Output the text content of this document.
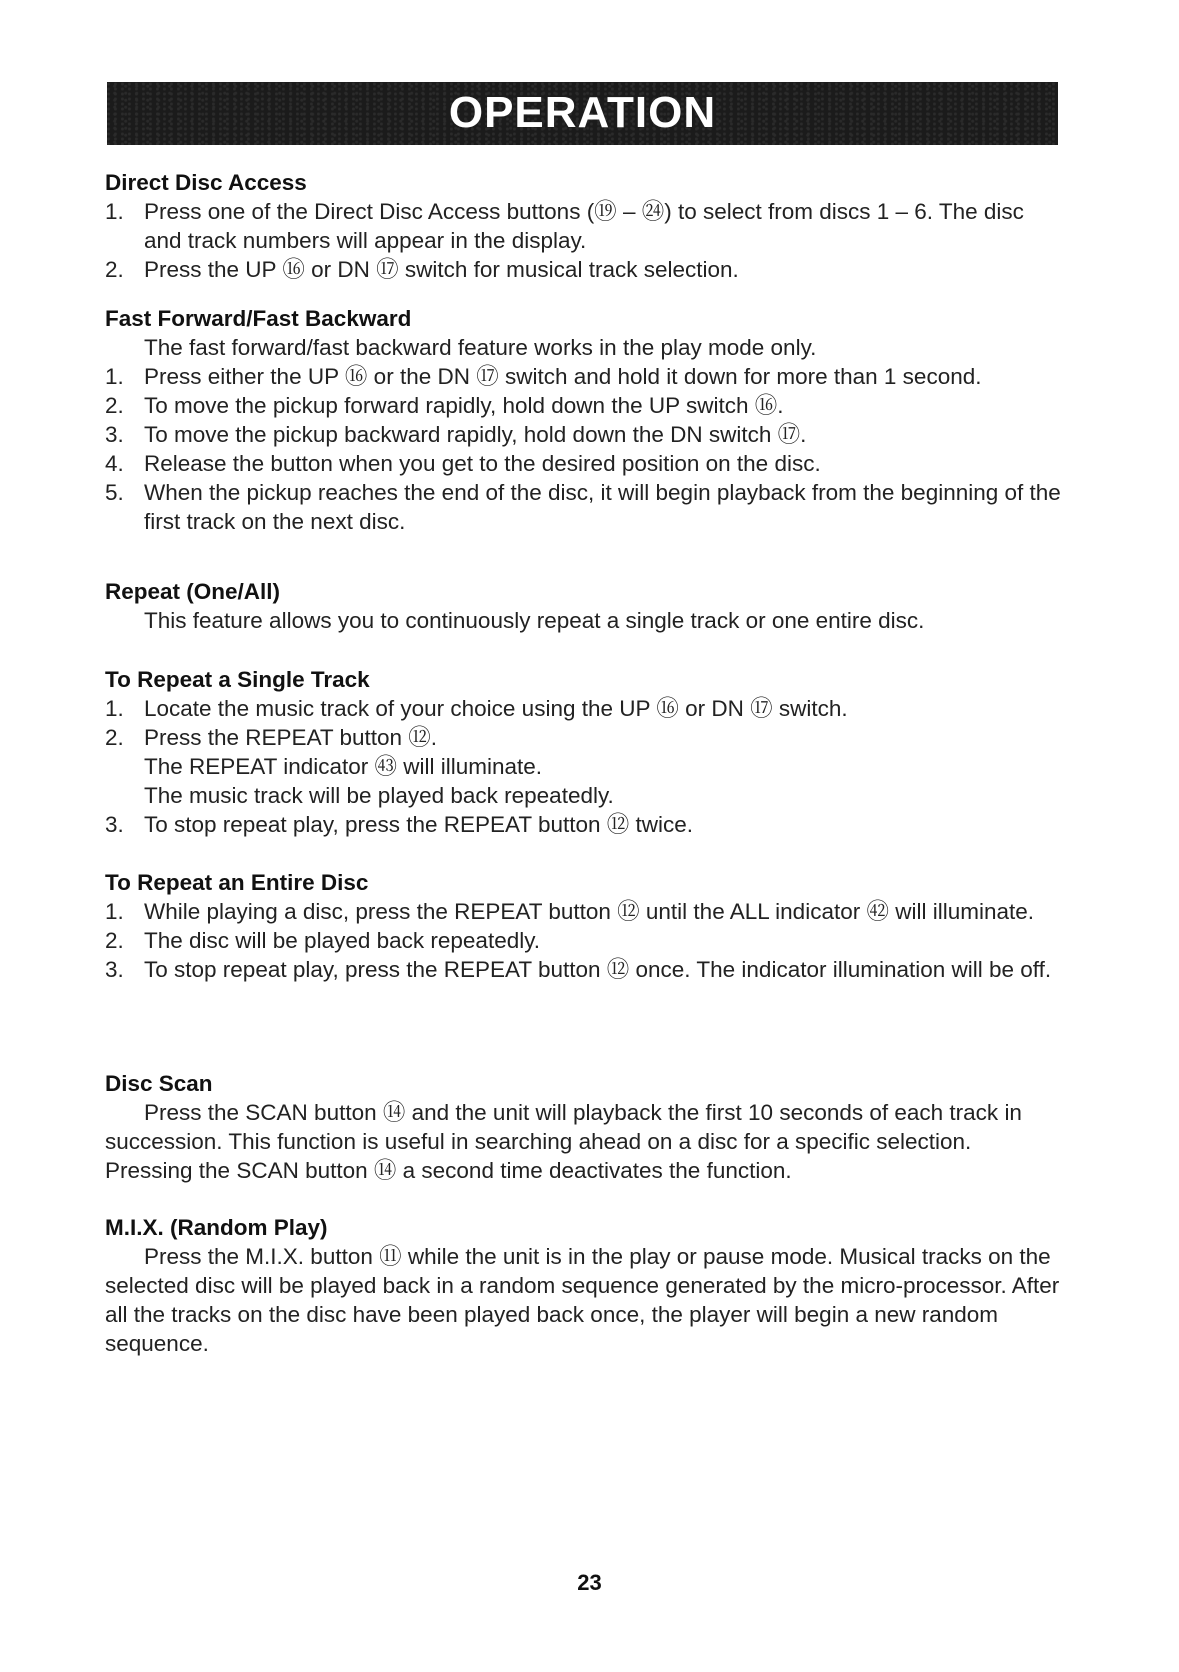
OPERATION
Direct Disc Access
1. Press one of the Direct Disc Access buttons (⑲ – ㉔) to select from discs 1 – 6. The disc and track numbers will appear in the display.
2. Press the UP ⑯ or DN ⑰ switch for musical track selection.
Fast Forward/Fast Backward
The fast forward/fast backward feature works in the play mode only.
1. Press either the UP ⑯ or the DN ⑰ switch and hold it down for more than 1 second.
2. To move the pickup forward rapidly, hold down the UP switch ⑯.
3. To move the pickup backward rapidly, hold down the DN switch ⑰.
4. Release the button when you get to the desired position on the disc.
5. When the pickup reaches the end of the disc, it will begin playback from the beginning of the first track on the next disc.
Repeat (One/All)
This feature allows you to continuously repeat a single track or one entire disc.
To Repeat a Single Track
1. Locate the music track of your choice using the UP ⑯ or DN ⑰ switch.
2. Press the REPEAT button ⑫.
The REPEAT indicator ㊸ will illuminate.
The music track will be played back repeatedly.
3. To stop repeat play, press the REPEAT button ⑫ twice.
To Repeat an Entire Disc
1. While playing a disc, press the REPEAT button ⑫ until the ALL indicator ㊷ will illuminate.
2. The disc will be played back repeatedly.
3. To stop repeat play, press the REPEAT button ⑫ once. The indicator illumination will be off.
Disc Scan
Press the SCAN button ⑭ and the unit will playback the first 10 seconds of each track in succession. This function is useful in searching ahead on a disc for a specific selection. Pressing the SCAN button ⑭ a second time deactivates the function.
M.I.X. (Random Play)
Press the M.I.X. button ⑪ while the unit is in the play or pause mode. Musical tracks on the selected disc will be played back in a random sequence generated by the micro-processor. After all the tracks on the disc have been played back once, the player will begin a new random sequence.
23
